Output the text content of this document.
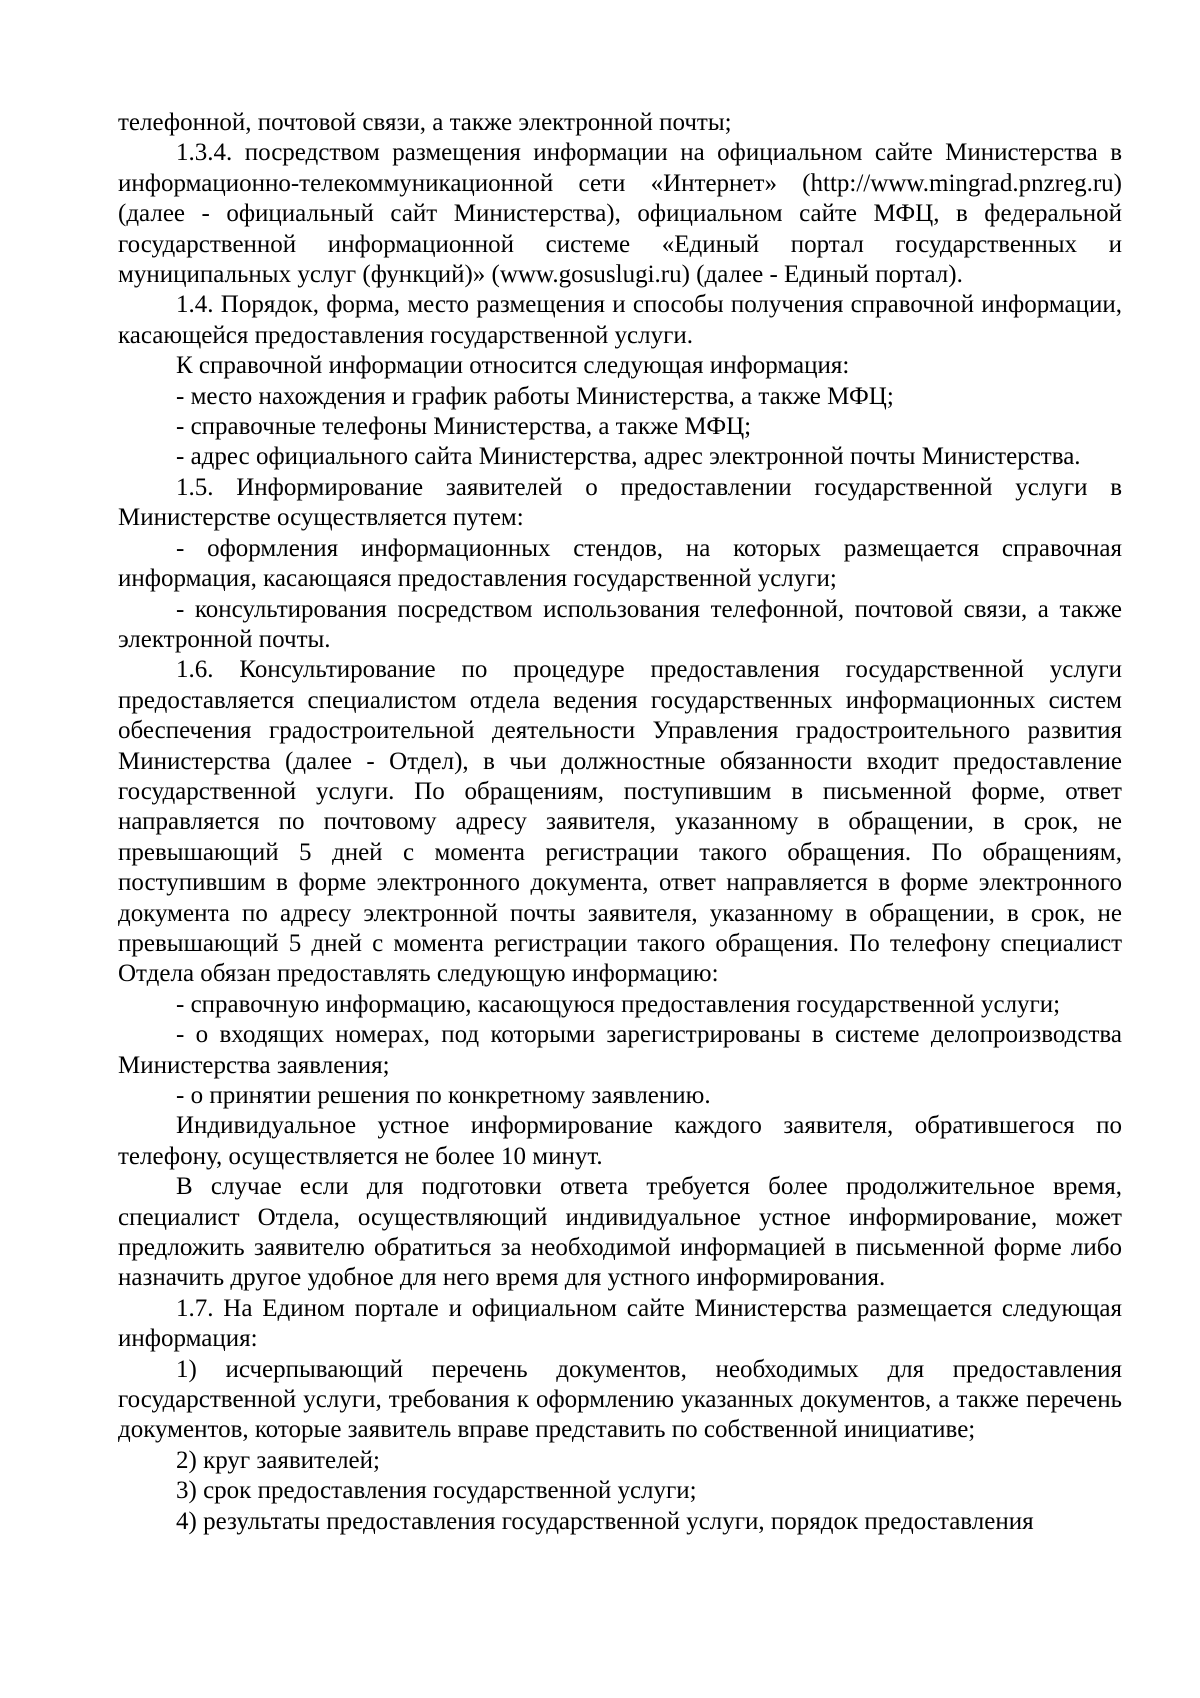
телефонной, почтовой связи, а также электронной почты;

1.3.4. посредством размещения информации на официальном сайте Министерства в информационно-телекоммуникационной сети «Интернет» (http://www.mingrad.pnzreg.ru) (далее - официальный сайт Министерства), официальном сайте МФЦ, в федеральной государственной информационной системе «Единый портал государственных и муниципальных услуг (функций)» (www.gosuslugi.ru) (далее - Единый портал).

1.4. Порядок, форма, место размещения и способы получения справочной информации, касающейся предоставления государственной услуги.

К справочной информации относится следующая информация:

- место нахождения и график работы Министерства, а также МФЦ;

- справочные телефоны Министерства, а также МФЦ;

- адрес официального сайта Министерства, адрес электронной почты Министерства.

1.5. Информирование заявителей о предоставлении государственной услуги в Министерстве осуществляется путем:

- оформления информационных стендов, на которых размещается справочная информация, касающаяся предоставления государственной услуги;

- консультирования посредством использования телефонной, почтовой связи, а также электронной почты.

1.6. Консультирование по процедуре предоставления государственной услуги предоставляется специалистом отдела ведения государственных информационных систем обеспечения градостроительной деятельности Управления градостроительного развития Министерства (далее - Отдел), в чьи должностные обязанности входит предоставление государственной услуги. По обращениям, поступившим в письменной форме, ответ направляется по почтовому адресу заявителя, указанному в обращении, в срок, не превышающий 5 дней с момента регистрации такого обращения. По обращениям, поступившим в форме электронного документа, ответ направляется в форме электронного документа по адресу электронной почты заявителя, указанному в обращении, в срок, не превышающий 5 дней с момента регистрации такого обращения. По телефону специалист Отдела обязан предоставлять следующую информацию:

- справочную информацию, касающуюся предоставления государственной услуги;

- о входящих номерах, под которыми зарегистрированы в системе делопроизводства Министерства заявления;

- о принятии решения по конкретному заявлению.

Индивидуальное устное информирование каждого заявителя, обратившегося по телефону, осуществляется не более 10 минут.

В случае если для подготовки ответа требуется более продолжительное время, специалист Отдела, осуществляющий индивидуальное устное информирование, может предложить заявителю обратиться за необходимой информацией в письменной форме либо назначить другое удобное для него время для устного информирования.

1.7. На Едином портале и официальном сайте Министерства размещается следующая информация:

1) исчерпывающий перечень документов, необходимых для предоставления государственной услуги, требования к оформлению указанных документов, а также перечень документов, которые заявитель вправе представить по собственной инициативе;

2) круг заявителей;

3) срок предоставления государственной услуги;

4) результаты предоставления государственной услуги, порядок предоставления
